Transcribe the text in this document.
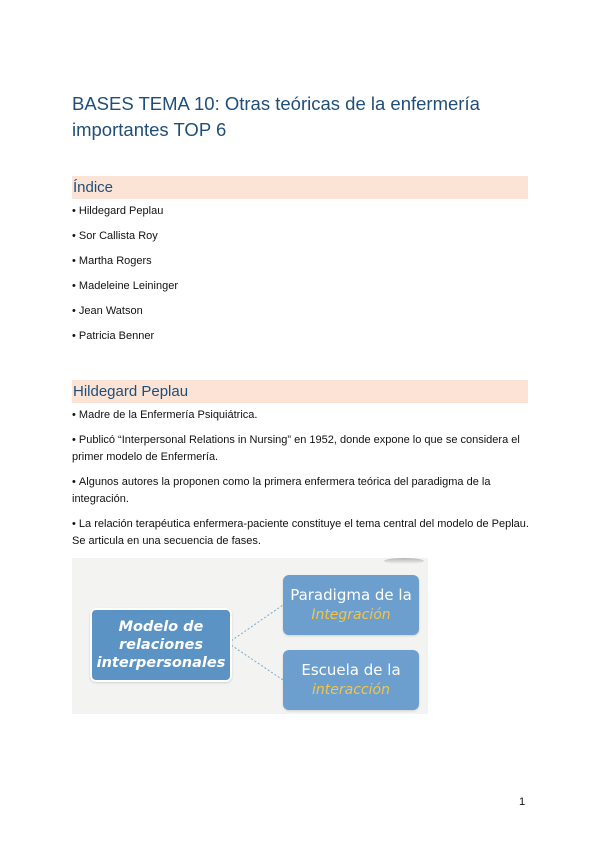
BASES TEMA 10: Otras teóricas de la enfermería importantes TOP 6
Índice
• Hildegard Peplau
• Sor Callista Roy
• Martha Rogers
• Madeleine Leininger
• Jean Watson
• Patricia Benner
Hildegard Peplau
• Madre de la Enfermería Psiquiátrica.
• Publicó “Interpersonal Relations in Nursing” en 1952, donde expone lo que se considera el primer modelo de Enfermería.
• Algunos autores la proponen como la primera enfermera teórica del paradigma de la integración.
• La relación terapéutica enfermera-paciente constituye el tema central del modelo de Peplau. Se articula en una secuencia de fases.
Modelo de
relaciones
interpersonales
Paradigma de la
Integración
Escuela de la
interacción
1
